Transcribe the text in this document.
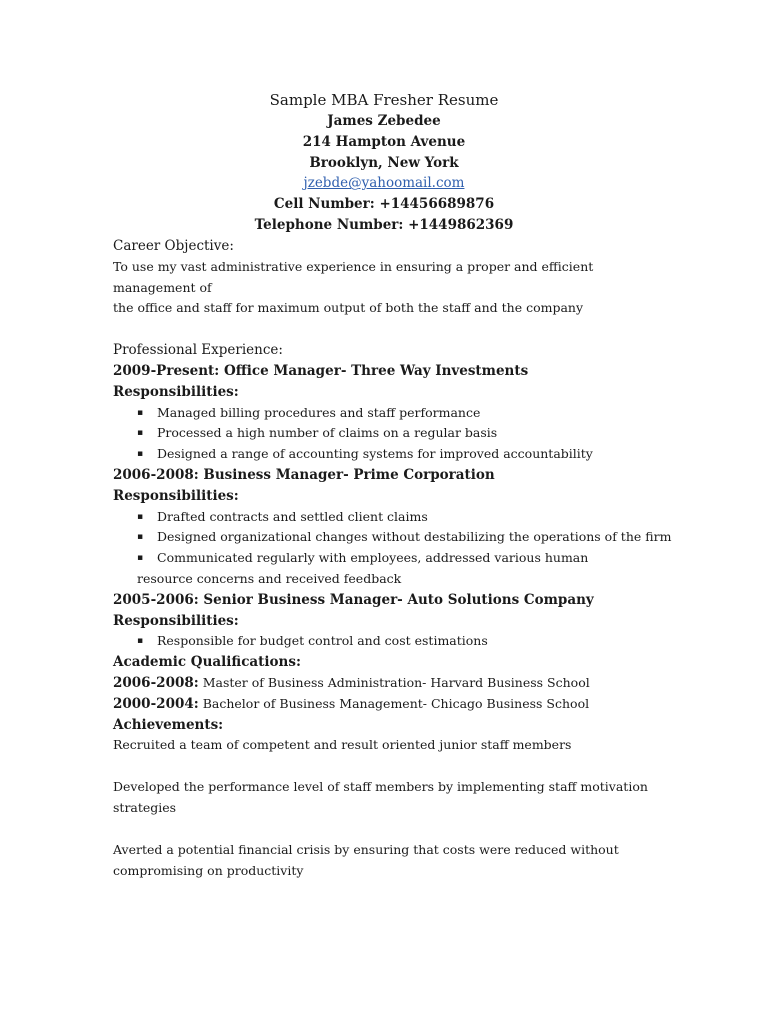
Sample MBA Fresher Resume
James Zebedee
214 Hampton Avenue
Brooklyn, New York
jzebde@yahoomail.com
Cell Number: +14456689876
Telephone Number: +1449862369
Career Objective:
To use my vast administrative experience in ensuring a proper and efficient management of
the office and staff for maximum output of both the staff and the company
Professional Experience:
2009-Present: Office Manager- Three Way Investments
Responsibilities:
▪ Managed billing procedures and staff performance
▪ Processed a high number of claims on a regular basis
▪ Designed a range of accounting systems for improved accountability
2006-2008: Business Manager- Prime Corporation
Responsibilities:
▪ Drafted contracts and settled client claims
▪ Designed organizational changes without destabilizing the operations of the firm
▪ Communicated regularly with employees, addressed various human
resource concerns and received feedback
2005-2006: Senior Business Manager- Auto Solutions Company
Responsibilities:
▪ Responsible for budget control and cost estimations
Academic Qualifications:
2006-2008: Master of Business Administration- Harvard Business School
2000-2004: Bachelor of Business Management- Chicago Business School
Achievements:
Recruited a team of competent and result oriented junior staff members
Developed the performance level of staff members by implementing staff motivation
strategies
Averted a potential financial crisis by ensuring that costs were reduced without
compromising on productivity
